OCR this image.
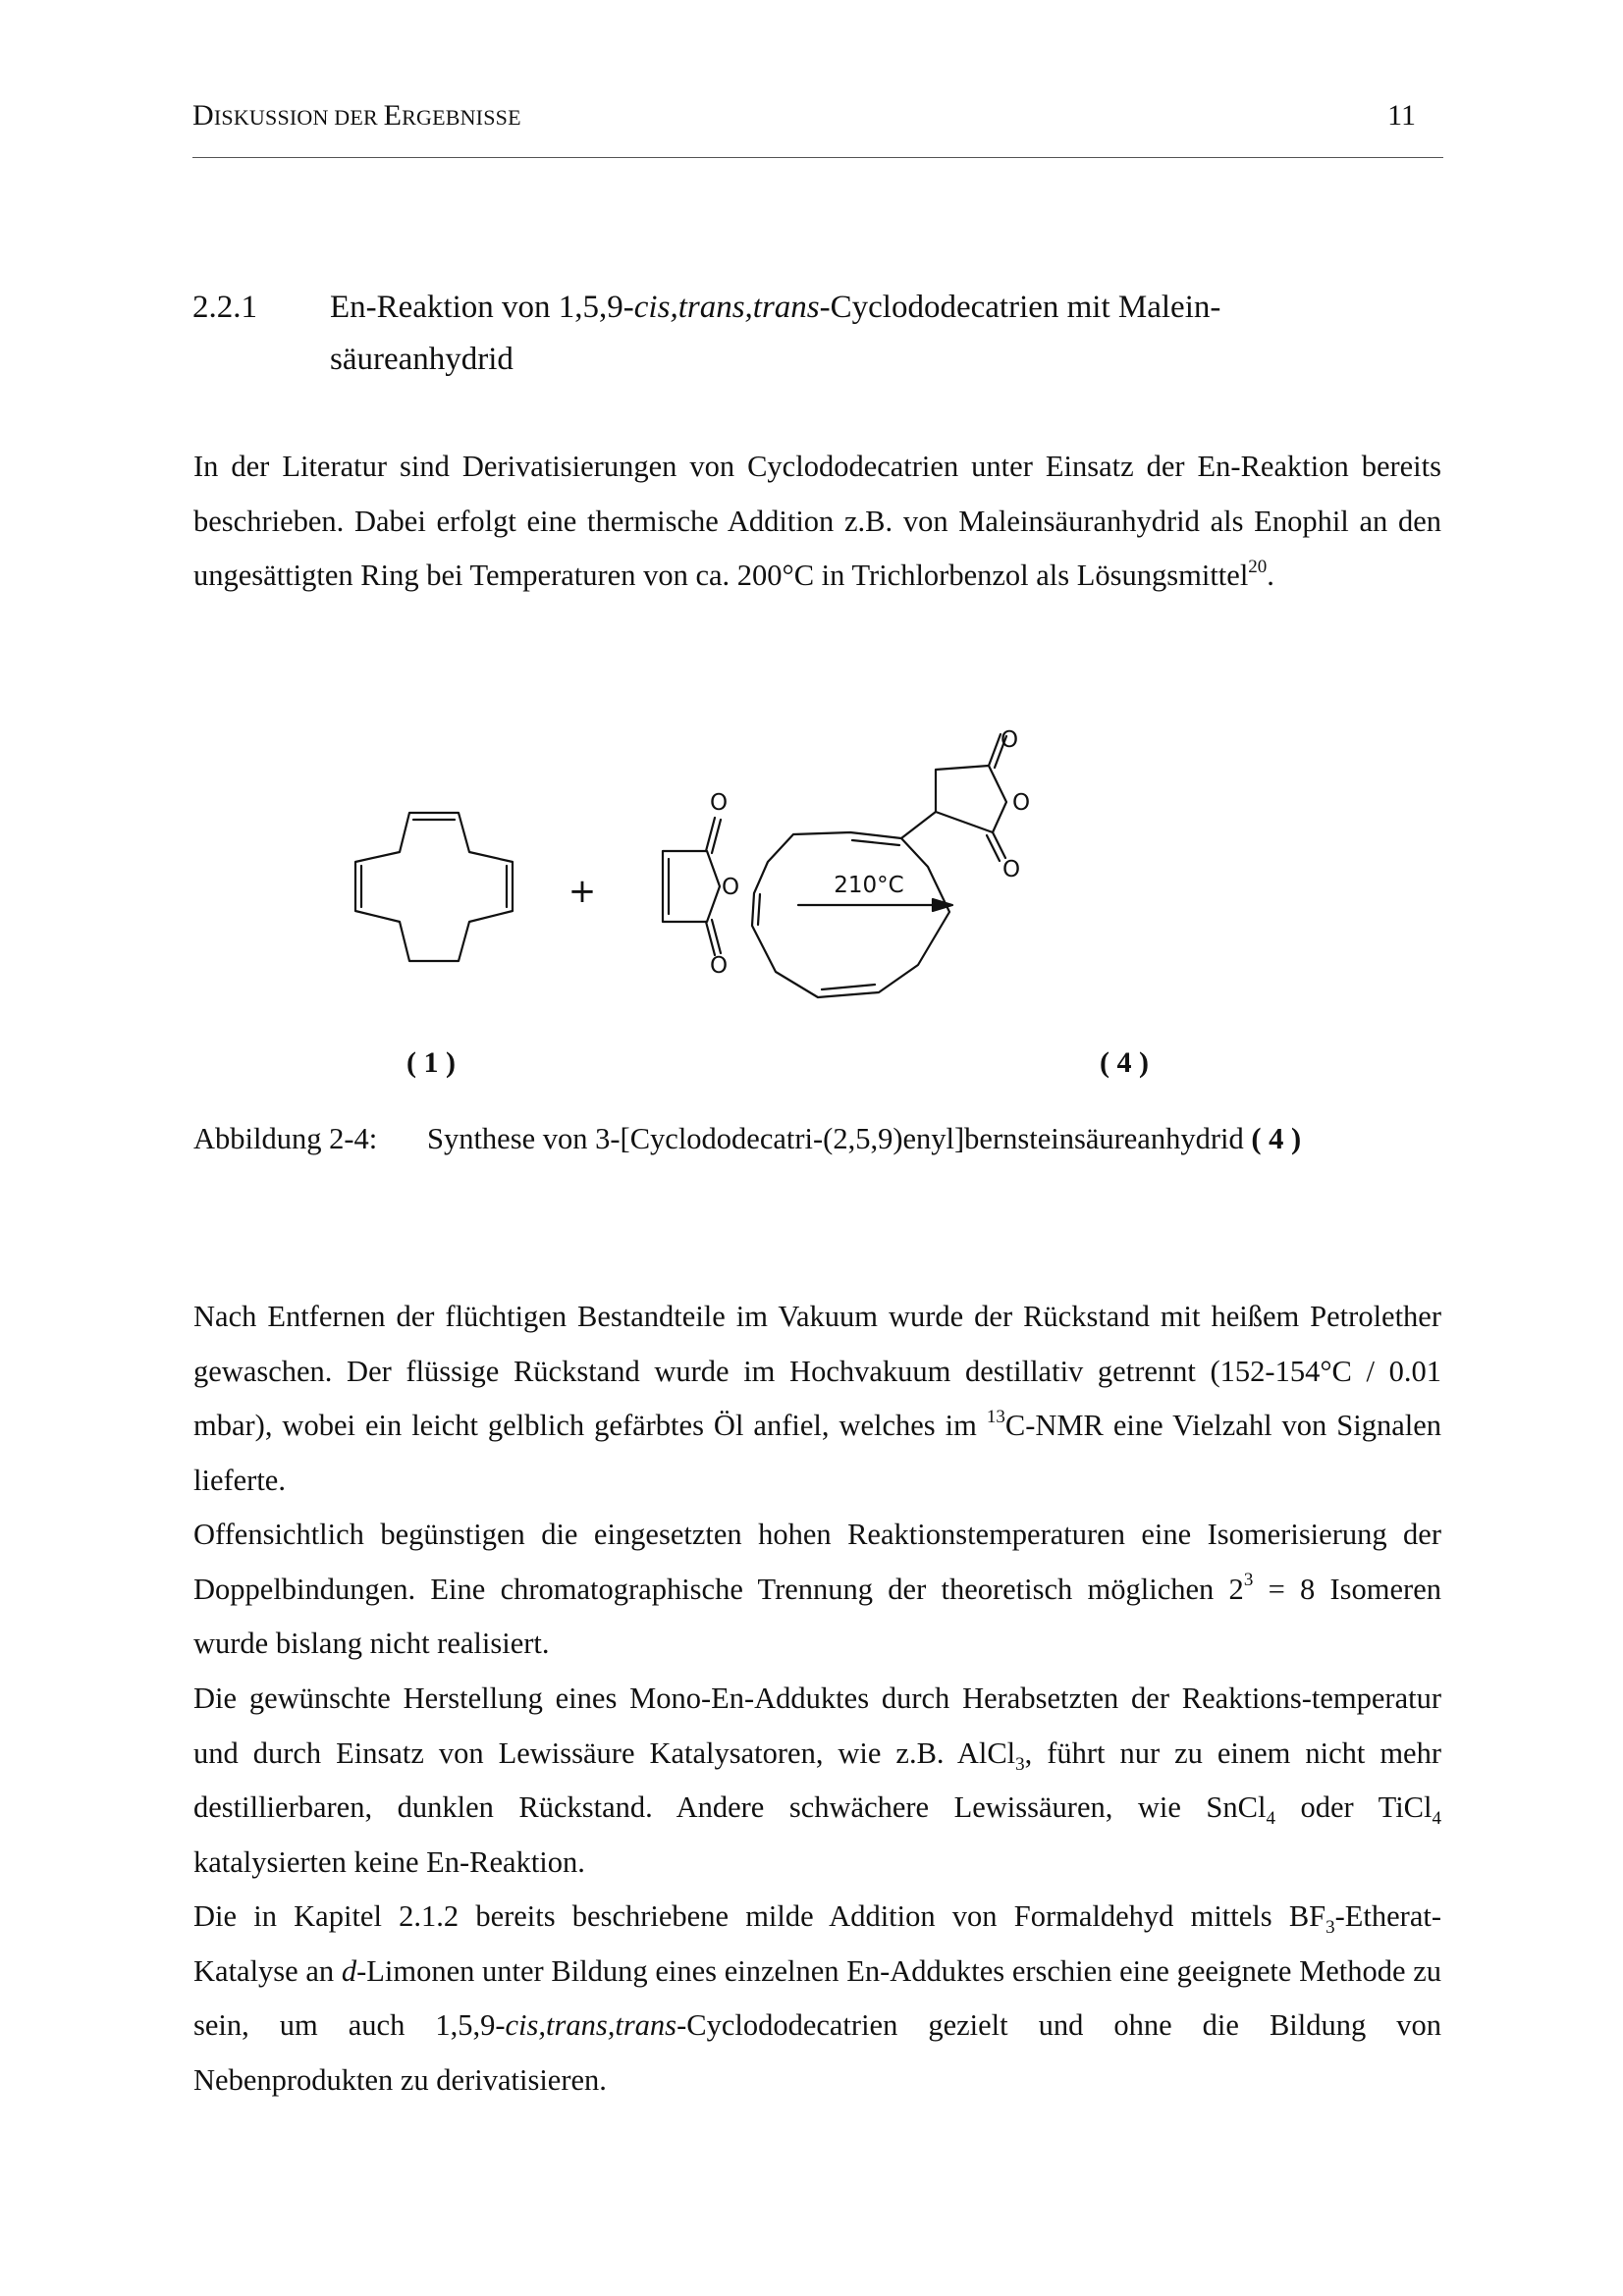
DISKUSSION DER ERGEBNISSE	11
2.2.1 En-Reaktion von 1,5,9-cis,trans,trans-Cyclododecatrien mit Malein-
säureanhydrid

In der Literatur sind Derivatisierungen von Cyclododecatrien unter Einsatz der En-Reaktion bereits beschrieben. Dabei erfolgt eine thermische Addition z.B. von Maleinsäuranhydrid als Enophil an den ungesättigten Ring bei Temperaturen von ca. 200°C in Trichlorbenzol als Lösungsmittel$^{20}$.

O
O
O
O
O
O
210°C
+
( 1 )	( 4 )
Abbildung 2-4: Synthese von 3-[Cyclododecatri-(2,5,9)enyl]bernsteinsäureanhydrid ( 4 )

Nach Entfernen der flüchtigen Bestandteile im Vakuum wurde der Rückstand mit heißem Petrolether gewaschen. Der flüssige Rückstand wurde im Hochvakuum destillativ getrennt (152-154°C / 0.01 mbar), wobei ein leicht gelblich gefärbtes Öl anfiel, welches im $^{13}$C-NMR eine Vielzahl von Signalen lieferte.

Offensichtlich begünstigen die eingesetzten hohen Reaktionstemperaturen eine Isomerisierung der Doppelbindungen. Eine chromatographische Trennung der theoretisch möglichen $2^3 = 8$ Isomeren wurde bislang nicht realisiert.

Die gewünschte Herstellung eines Mono-En-Adduktes durch Herabsetzten der Reaktions-temperatur und durch Einsatz von Lewissäure Katalysatoren, wie z.B. AlCl$_3$, führt nur zu einem nicht mehr destillierbaren, dunklen Rückstand. Andere schwächere Lewissäuren, wie SnCl$_4$ oder TiCl$_4$ katalysierten keine En-Reaktion.

Die in Kapitel 2.1.2 bereits beschriebene milde Addition von Formaldehyd mittels $BF_3-Etherat$-Katalyse an d-Limonen unter Bildung eines einzelnen En-Adduktes erschien eine geeignete Methode zu sein, um auch 1,5,9-cis,trans,trans-Cyclododecatrien gezielt und ohne die Bildung von Nebenprodukten zu derivatisieren.
